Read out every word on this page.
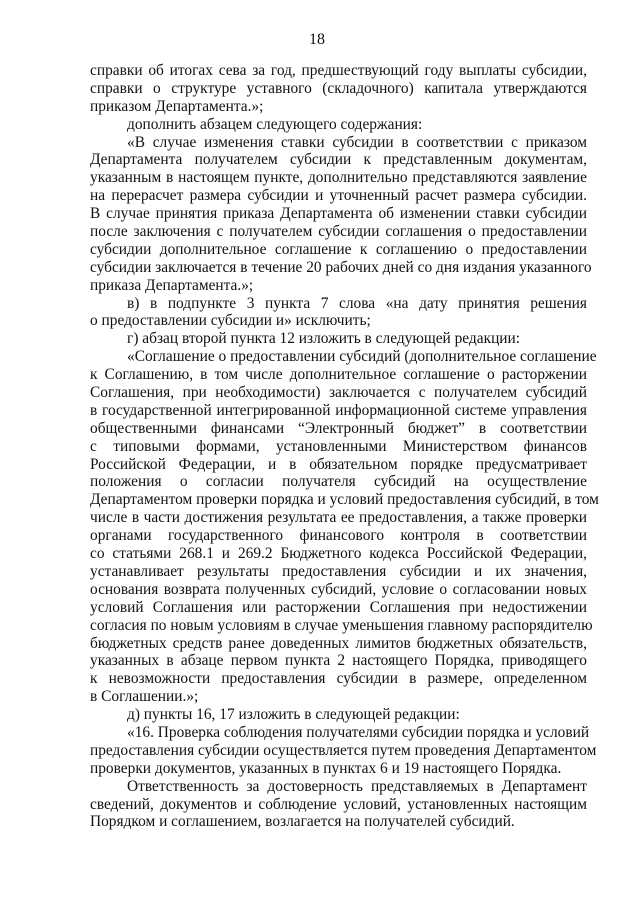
18
справки об итогах сева за год, предшествующий году выплаты субсидии,
справки о структуре уставного (складочного) капитала утверждаются
приказом Департамента.»;
дополнить абзацем следующего содержания:
«В случае изменения ставки субсидии в соответствии с приказом
Департамента получателем субсидии к представленным документам,
указанным в настоящем пункте, дополнительно представляются заявление
на перерасчет размера субсидии и уточненный расчет размера субсидии.
В случае принятия приказа Департамента об изменении ставки субсидии
после заключения с получателем субсидии соглашения о предоставлении
субсидии дополнительное соглашение к соглашению о предоставлении
субсидии заключается в течение 20 рабочих дней со дня издания указанного
приказа Департамента.»;
в) в подпункте 3 пункта 7 слова «на дату принятия решения
о предоставлении субсидии и» исключить;
г) абзац второй пункта 12 изложить в следующей редакции:
«Соглашение о предоставлении субсидий (дополнительное соглашение
к Соглашению, в том числе дополнительное соглашение о расторжении
Соглашения, при необходимости) заключается с получателем субсидий
в государственной интегрированной информационной системе управления
общественными финансами “Электронный бюджет” в соответствии
с типовыми формами, установленными Министерством финансов
Российской Федерации, и в обязательном порядке предусматривает
положения о согласии получателя субсидий на осуществление
Департаментом проверки порядка и условий предоставления субсидий, в том
числе в части достижения результата ее предоставления, а также проверки
органами государственного финансового контроля в соответствии
со статьями 268.1 и 269.2 Бюджетного кодекса Российской Федерации,
устанавливает результаты предоставления субсидии и их значения,
основания возврата полученных субсидий, условие о согласовании новых
условий Соглашения или расторжении Соглашения при недостижении
согласия по новым условиям в случае уменьшения главному распорядителю
бюджетных средств ранее доведенных лимитов бюджетных обязательств,
указанных в абзаце первом пункта 2 настоящего Порядка, приводящего
к невозможности предоставления субсидии в размере, определенном
в Соглашении.»;
д) пункты 16, 17 изложить в следующей редакции:
«16. Проверка соблюдения получателями субсидии порядка и условий
предоставления субсидии осуществляется путем проведения Департаментом
проверки документов, указанных в пунктах 6 и 19 настоящего Порядка.
Ответственность за достоверность представляемых в Департамент
сведений, документов и соблюдение условий, установленных настоящим
Порядком и соглашением, возлагается на получателей субсидий.
